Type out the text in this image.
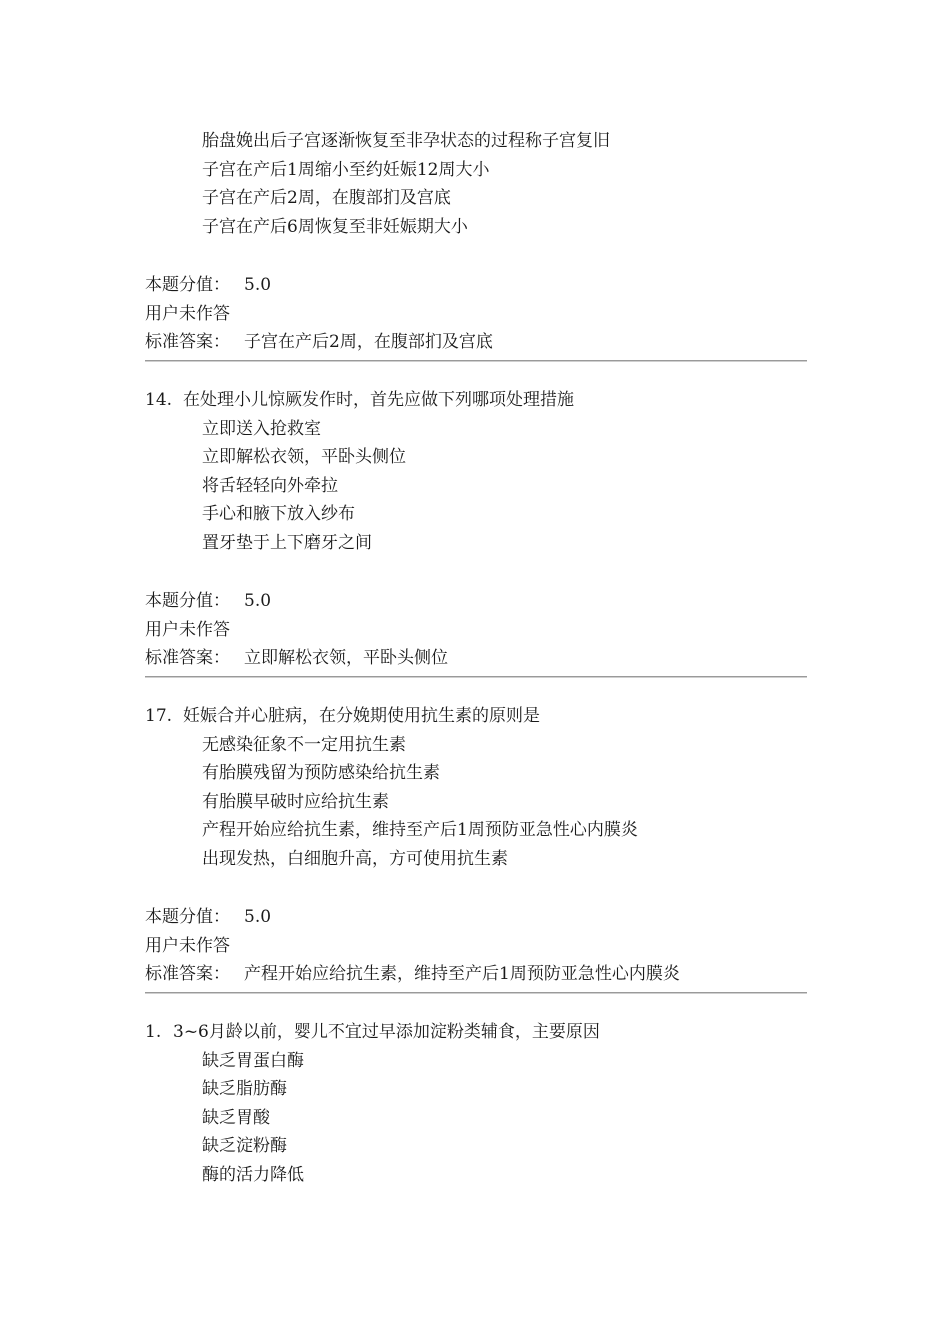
胎盘娩出后子宫逐渐恢复至非孕状态的过程称子宫复旧
子宫在产后1周缩小至约妊娠12周大小
子宫在产后2周，在腹部扪及宫底
子宫在产后6周恢复至非妊娠期大小
本题分值： 5.0
用户未作答
标准答案： 子宫在产后2周，在腹部扪及宫底
14. 在处理小儿惊厥发作时，首先应做下列哪项处理措施
立即送入抢救室
立即解松衣领，平卧头侧位
将舌轻轻向外牵拉
手心和腋下放入纱布
置牙垫于上下磨牙之间
本题分值： 5.0
用户未作答
标准答案： 立即解松衣领，平卧头侧位
17. 妊娠合并心脏病，在分娩期使用抗生素的原则是
无感染征象不一定用抗生素
有胎膜残留为预防感染给抗生素
有胎膜早破时应给抗生素
产程开始应给抗生素，维持至产后1周预防亚急性心内膜炎
出现发热，白细胞升高，方可使用抗生素
本题分值： 5.0
用户未作答
标准答案： 产程开始应给抗生素，维持至产后1周预防亚急性心内膜炎
1. 3~6月龄以前，婴儿不宜过早添加淀粉类辅食，主要原因
缺乏胃蛋白酶
缺乏脂肪酶
缺乏胃酸
缺乏淀粉酶
酶的活力降低
